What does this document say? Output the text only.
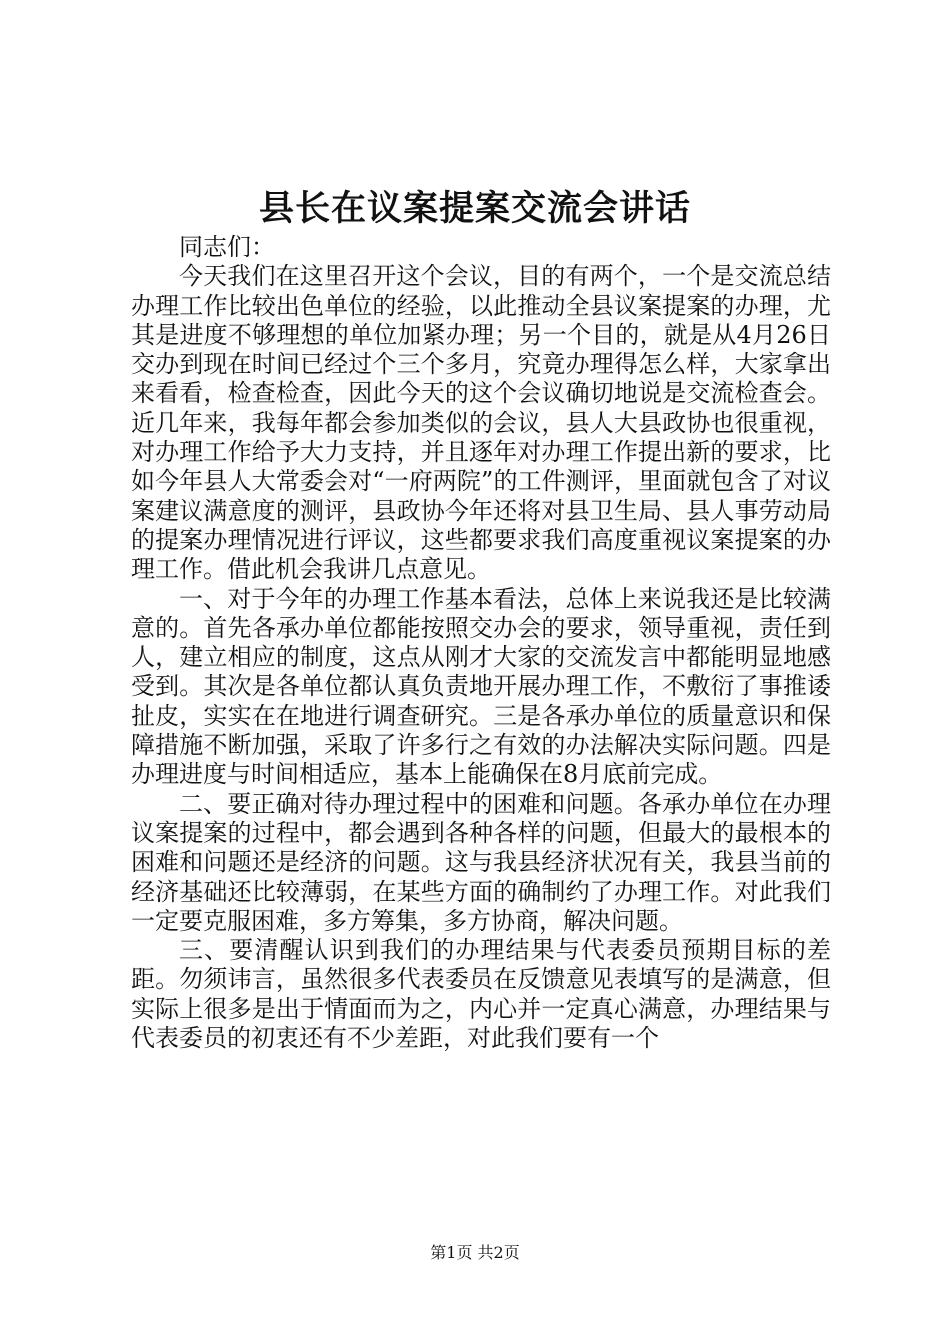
县长在议案提案交流会讲话

同志们：

今天我们在这里召开这个会议，目的有两个，一个是交流总结办理工作比较出色单位的经验，以此推动全县议案提案的办理，尤其是进度不够理想的单位加紧办理；另一个目的，就是从4月26日交办到现在时间已经过个三个多月，究竟办理得怎么样，大家拿出来看看，检查检查，因此今天的这个会议确切地说是交流检查会。近几年来，我每年都会参加类似的会议，县人大县政协也很重视，对办理工作给予大力支持，并且逐年对办理工作提出新的要求，比如今年县人大常委会对“一府两院”的工件测评，里面就包含了对议案建议满意度的测评，县政协今年还将对县卫生局、县人事劳动局的提案办理情况进行评议，这些都要求我们高度重视议案提案的办理工作。借此机会我讲几点意见。

一、对于今年的办理工作基本看法，总体上来说我还是比较满意的。首先各承办单位都能按照交办会的要求，领导重视，责任到人，建立相应的制度，这点从刚才大家的交流发言中都能明显地感受到。其次是各单位都认真负责地开展办理工作，不敷衍了事推诿扯皮，实实在在地进行调查研究。三是各承办单位的质量意识和保障措施不断加强，采取了许多行之有效的办法解决实际问题。四是办理进度与时间相适应，基本上能确保在8月底前完成。

二、要正确对待办理过程中的困难和问题。各承办单位在办理议案提案的过程中，都会遇到各种各样的问题，但最大的最根本的困难和问题还是经济的问题。这与我县经济状况有关，我县当前的经济基础还比较薄弱，在某些方面的确制约了办理工作。对此我们一定要克服困难，多方筹集，多方协商，解决问题。

三、要清醒认识到我们的办理结果与代表委员预期目标的差距。勿须讳言，虽然很多代表委员在反馈意见表填写的是满意，但实际上很多是出于情面而为之，内心并一定真心满意，办理结果与代表委员的初衷还有不少差距，对此我们要有一个

第1页 共2页
